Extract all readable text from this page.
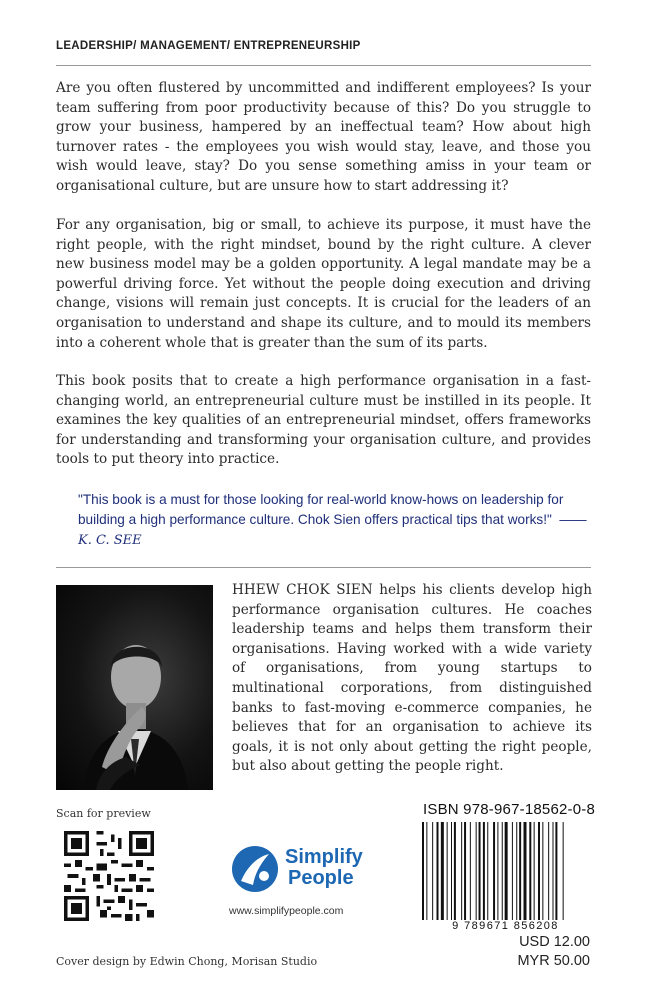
LEADERSHIP/ MANAGEMENT/ ENTREPRENEURSHIP

Are you often flustered by uncommitted and indifferent employees? Is your team suffering from poor productivity because of this? Do you struggle to grow your business, hampered by an ineffectual team? How about high turnover rates - the employees you wish would stay, leave, and those you wish would leave, stay? Do you sense something amiss in your team or organisational culture, but are unsure how to start addressing it?

For any organisation, big or small, to achieve its purpose, it must have the right people, with the right mindset, bound by the right culture. A clever new business model may be a golden opportunity. A legal mandate may be a powerful driving force. Yet without the people doing execution and driving change, visions will remain just concepts. It is crucial for the leaders of an organisation to understand and shape its culture, and to mould its members into a coherent whole that is greater than the sum of its parts.

This book posits that to create a high performance organisation in a fast-changing world, an entrepreneurial culture must be instilled in its people. It examines the key qualities of an entrepreneurial mindset, offers frameworks for understanding and transforming your organisation culture, and provides tools to put theory into practice.

"This book is a must for those looking for real-world know-hows on leadership for building a high performance culture. Chok Sien offers practical tips that works!" ——K. C. SEE

HHEW CHOK SIEN helps his clients develop high performance organisation cultures. He coaches leadership teams and helps them transform their organisations. Having worked with a wide variety of organisations, from young startups to multinational corporations, from distinguished banks to fast-moving e-commerce companies, he believes that for an organisation to achieve its goals, it is not only about getting the right people, but also about getting the people right.

Scan for preview
Simplify
People
www.simplifypeople.com
ISBN 978-967-18562-0-8
9 789671 856208
USD 12.00
MYR 50.00
Cover design by Edwin Chong, Morisan Studio
